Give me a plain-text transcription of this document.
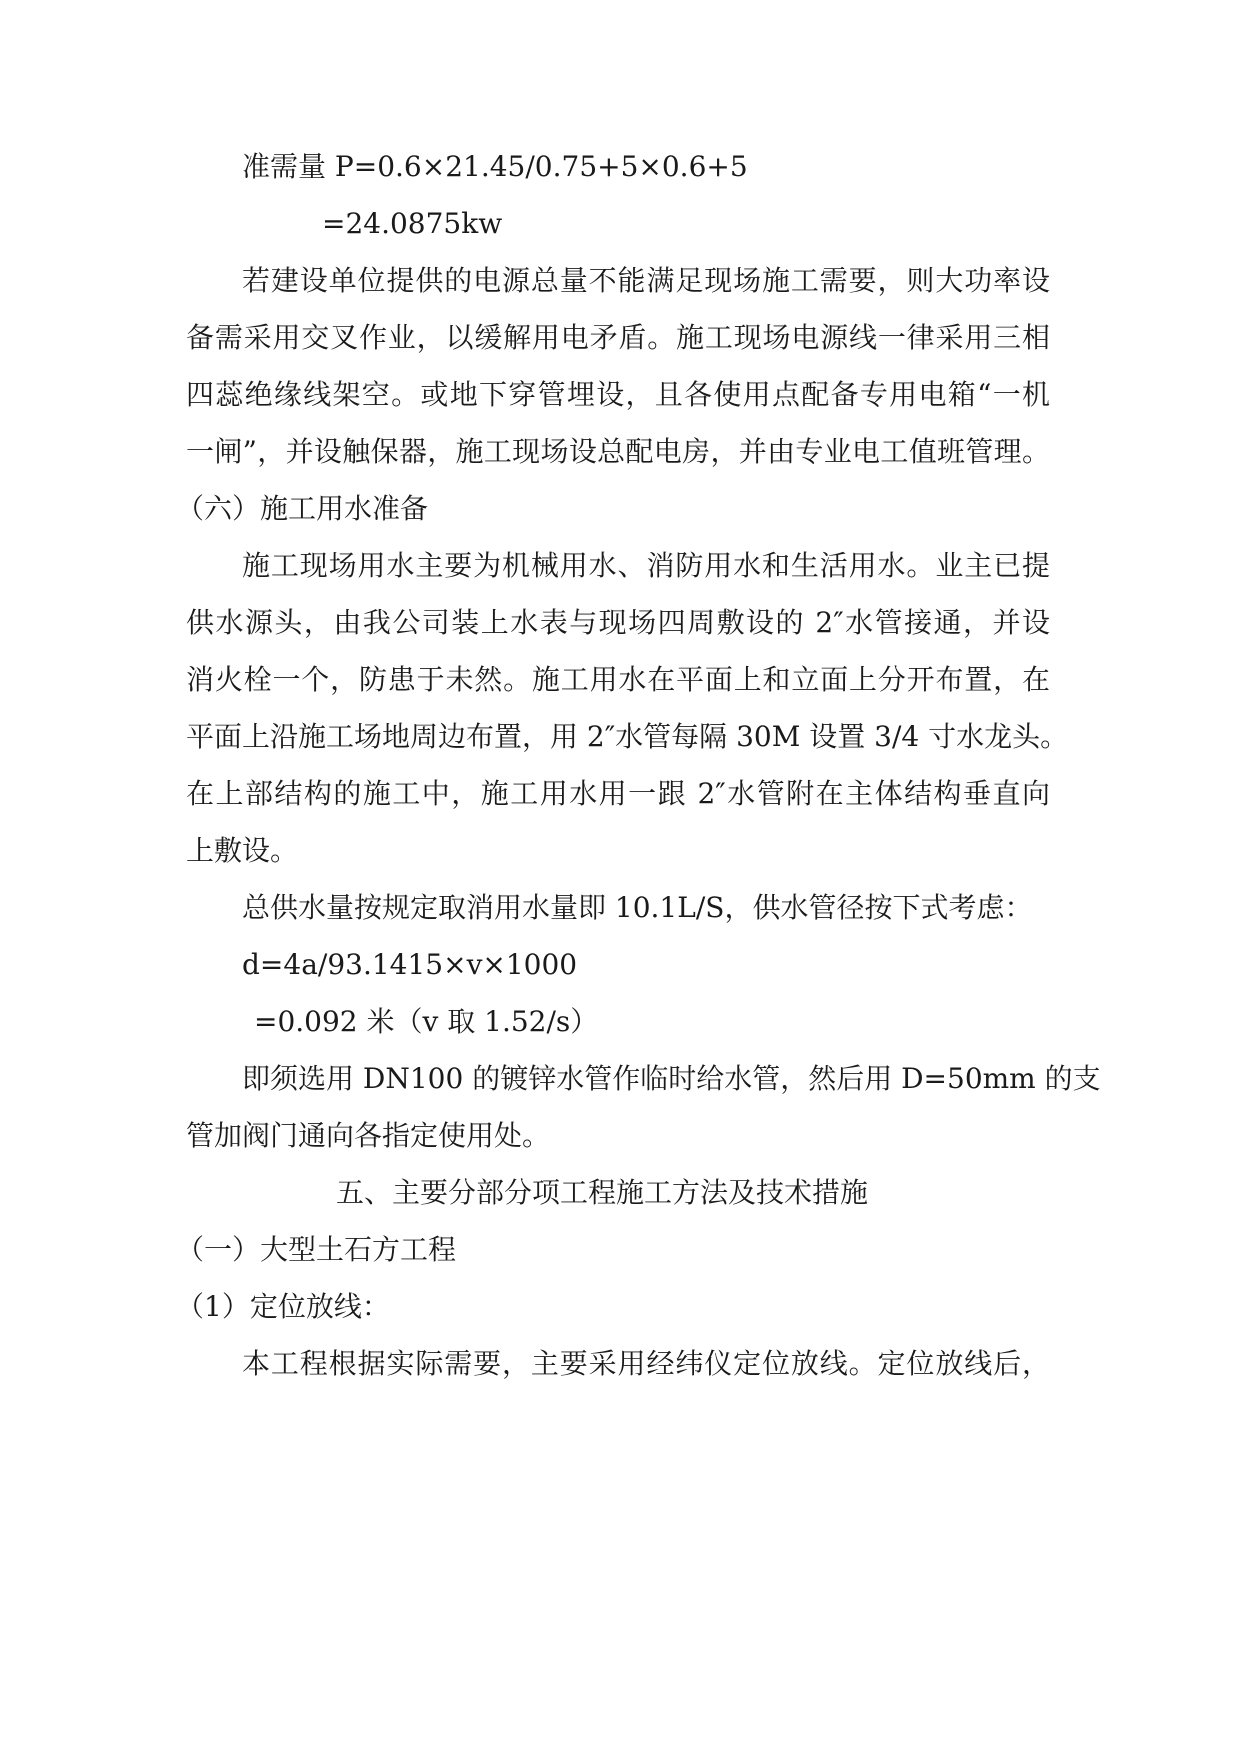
准需量 P=0.6×21.45/0.75+5×0.6+5
=24.0875kw
若建设单位提供的电源总量不能满足现场施工需要，则大功率设
备需采用交叉作业，以缓解用电矛盾。施工现场电源线一律采用三相
四蕊绝缘线架空。或地下穿管埋设，且各使用点配备专用电箱“一机
一闸”，并设触保器，施工现场设总配电房，并由专业电工值班管理。
（六）施工用水准备
施工现场用水主要为机械用水、消防用水和生活用水。业主已提
供水源头，由我公司装上水表与现场四周敷设的 2″水管接通，并设
消火栓一个，防患于未然。施工用水在平面上和立面上分开布置，在
平面上沿施工场地周边布置，用 2″水管每隔 30M 设置 3/4 寸水龙头。
在上部结构的施工中，施工用水用一跟 2″水管附在主体结构垂直向
上敷设。
总供水量按规定取消用水量即 10.1L/S，供水管径按下式考虑：
d=4a/93.1415×v×1000
=0.092 米（v 取 1.52/s）
即须选用 DN100 的镀锌水管作临时给水管，然后用 D=50mm 的支
管加阀门通向各指定使用处。
五、主要分部分项工程施工方法及技术措施
（一）大型土石方工程
（1）定位放线：
本工程根据实际需要，主要采用经纬仪定位放线。定位放线后，
